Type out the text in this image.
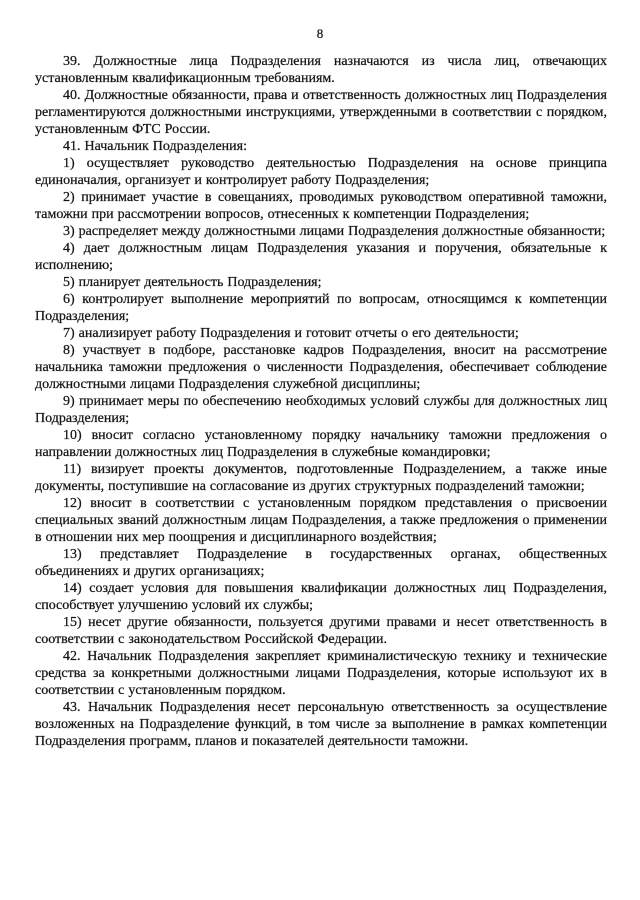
8

39. Должностные лица Подразделения назначаются из числа лиц, отвечающих установленным квалификационным требованиям.

40. Должностные обязанности, права и ответственность должностных лиц Подразделения регламентируются должностными инструкциями, утвержденными в соответствии с порядком, установленным ФТС России.

41. Начальник Подразделения:

1) осуществляет руководство деятельностью Подразделения на основе принципа единоначалия, организует и контролирует работу Подразделения;

2) принимает участие в совещаниях, проводимых руководством оперативной таможни, таможни при рассмотрении вопросов, отнесенных к компетенции Подразделения;

3) распределяет между должностными лицами Подразделения должностные обязанности;

4) дает должностным лицам Подразделения указания и поручения, обязательные к исполнению;

5) планирует деятельность Подразделения;

6) контролирует выполнение мероприятий по вопросам, относящимся к компетенции Подразделения;

7) анализирует работу Подразделения и готовит отчеты о его деятельности;

8) участвует в подборе, расстановке кадров Подразделения, вносит на рассмотрение начальника таможни предложения о численности Подразделения, обеспечивает соблюдение должностными лицами Подразделения служебной дисциплины;

9) принимает меры по обеспечению необходимых условий службы для должностных лиц Подразделения;

10) вносит согласно установленному порядку начальнику таможни предложения о направлении должностных лиц Подразделения в служебные командировки;

11) визирует проекты документов, подготовленные Подразделением, а также иные документы, поступившие на согласование из других структурных подразделений таможни;

12) вносит в соответствии с установленным порядком представления о присвоении специальных званий должностным лицам Подразделения, а также предложения о применении в отношении них мер поощрения и дисциплинарного воздействия;

13) представляет Подразделение в государственных органах, общественных объединениях и других организациях;

14) создает условия для повышения квалификации должностных лиц Подразделения, способствует улучшению условий их службы;

15) несет другие обязанности, пользуется другими правами и несет ответственность в соответствии с законодательством Российской Федерации.

42. Начальник Подразделения закрепляет криминалистическую технику и технические средства за конкретными должностными лицами Подразделения, которые используют их в соответствии с установленным порядком.

43. Начальник Подразделения несет персональную ответственность за осуществление возложенных на Подразделение функций, в том числе за выполнение в рамках компетенции Подразделения программ, планов и показателей деятельности таможни.
